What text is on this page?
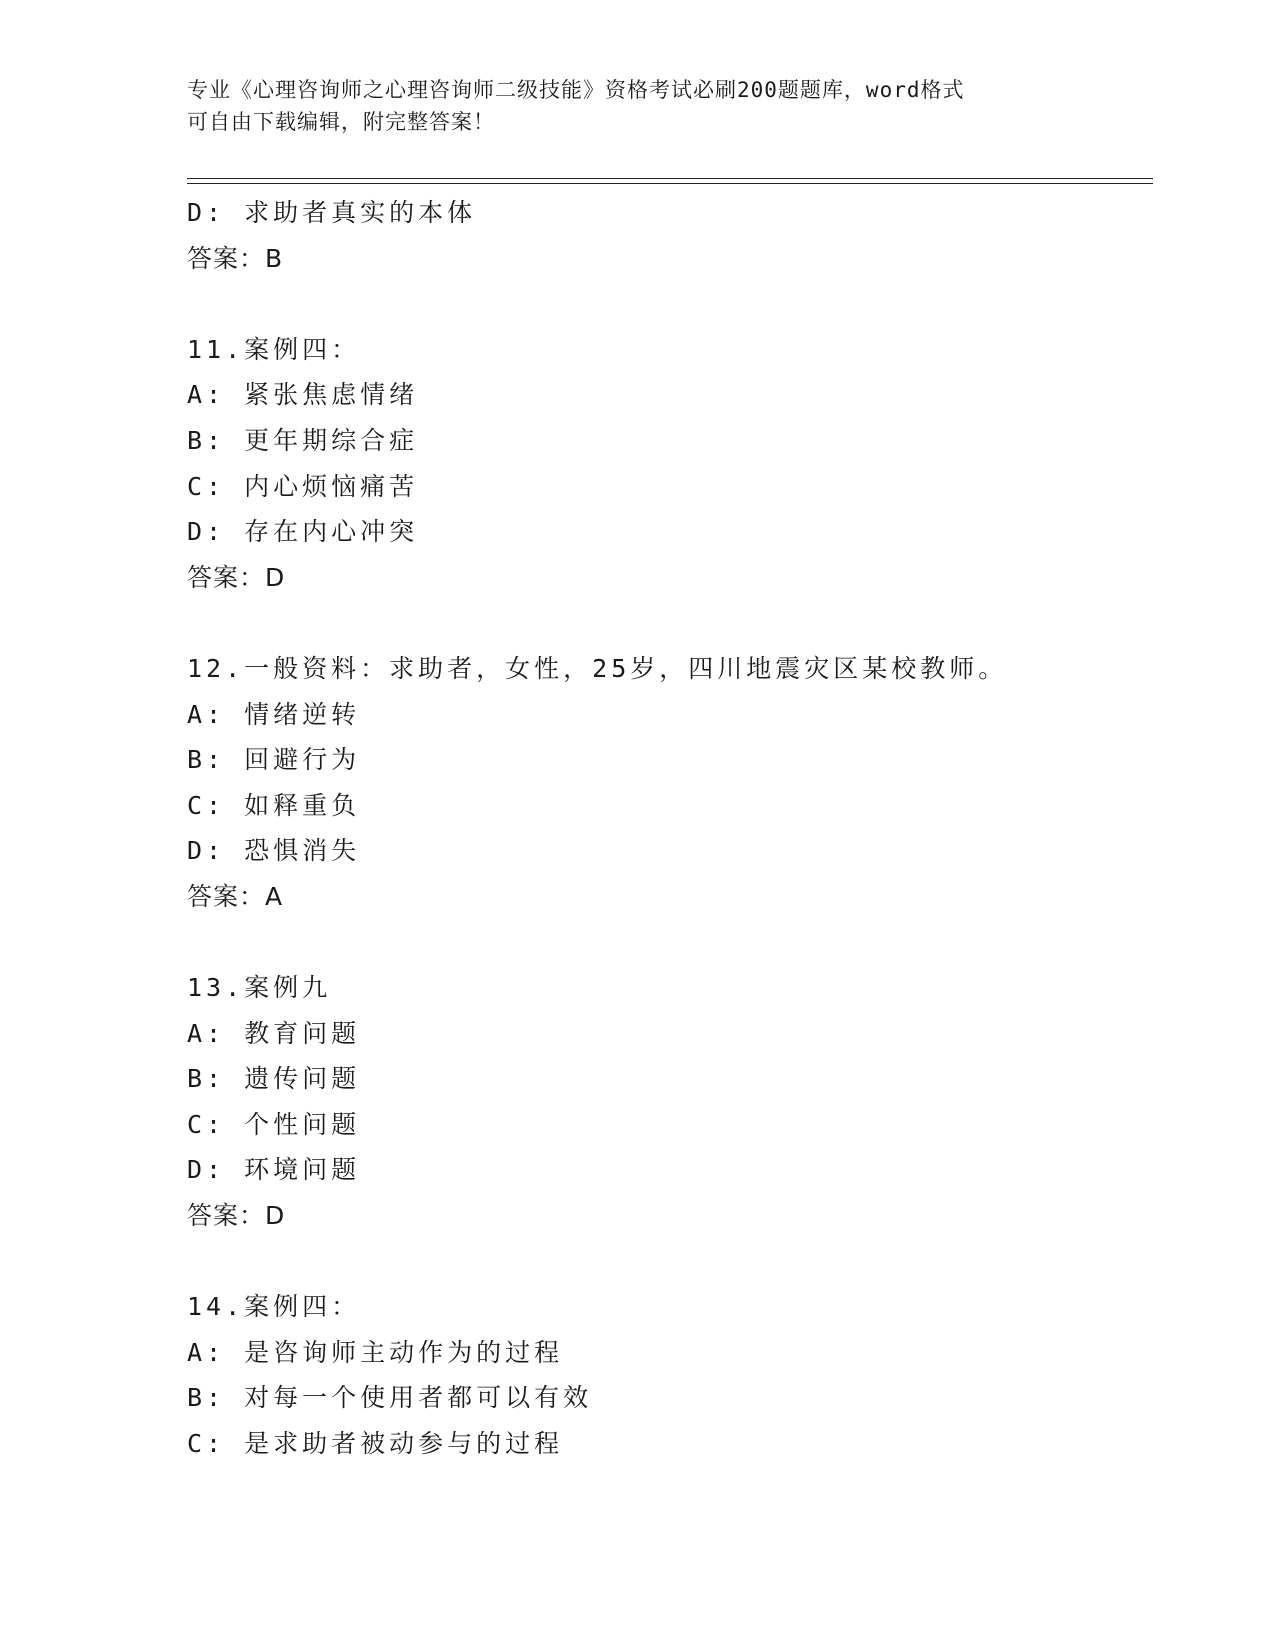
专业《心理咨询师之心理咨询师二级技能》资格考试必刷200题题库，word格式
可自由下载编辑，附完整答案！
D: 求助者真实的本体
答案：B
11.案例四：
A: 紧张焦虑情绪
B: 更年期综合症
C: 内心烦恼痛苦
D: 存在内心冲突
答案：D
12.一般资料：求助者，女性，25岁，四川地震灾区某校教师。
A: 情绪逆转
B: 回避行为
C: 如释重负
D: 恐惧消失
答案：A
13.案例九
A: 教育问题
B: 遗传问题
C: 个性问题
D: 环境问题
答案：D
14.案例四：
A: 是咨询师主动作为的过程
B: 对每一个使用者都可以有效
C: 是求助者被动参与的过程
